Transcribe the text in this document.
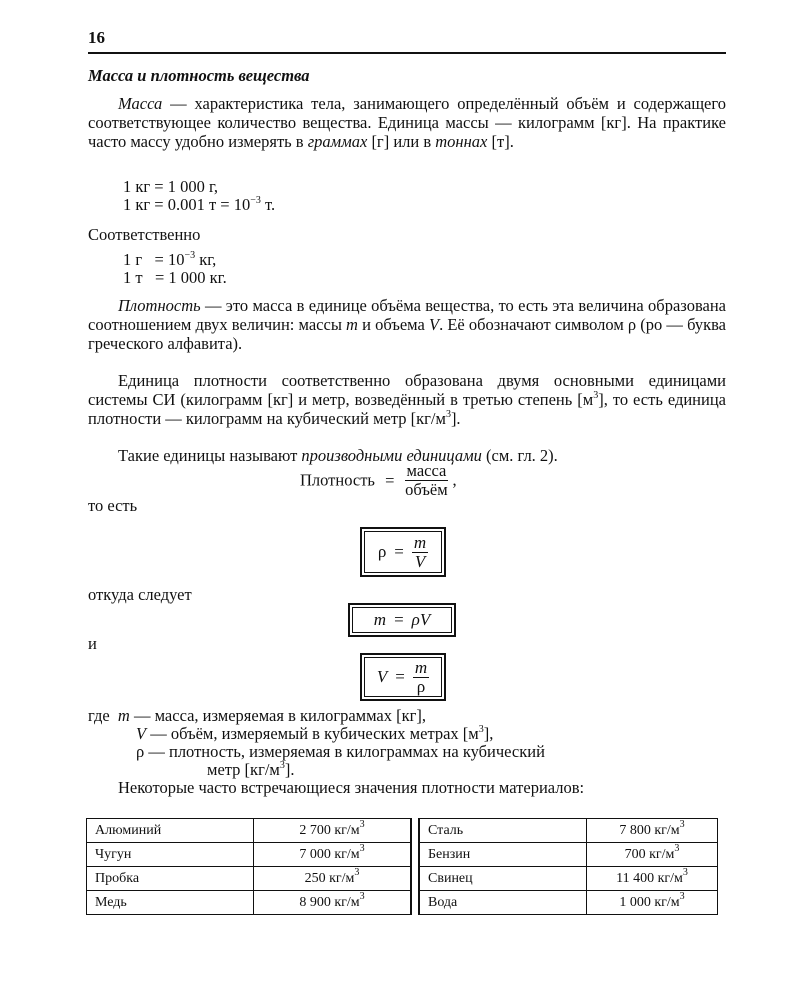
16
Масса и плотность вещества
Масса — характеристика тела, занимающего определённый объём и содержащего соответствующее количество вещества. Единица массы — килограмм [кг]. На практике часто массу удобно измерять в граммах [г] или в тоннах [т].
1 кг = 1 000 г,
1 кг = 0.001 $т = 10^{-3}$ т.
Соответственно
1 $г = 10^{-3}$ кг,
1 т   = 1 000 кг.
Плотность — это масса в единице объёма вещества, то есть эта величина образована соотношением двух величин: массы m и объема V. Её обозначают символом ρ (ро — буква греческого алфавита).
Единица плотности соответственно образована двумя основными единицами системы СИ (килограмм [кг] и метр, возведённый в третью степень $[м^3]$, то есть единица плотности — килограмм на кубический метр $[кг/м^3]$.
Такие единицы называют производными единицами (см. гл. 2).
Плотность = $\frac{\text{масса}}{\text{объём}}$ ,
то есть
$\rho = \frac{m}{V}$
откуда следует
m = ρV
и
$V = \frac{m}{\rho}$
где m — масса, измеряемая в килограммах [кг],
V — объём, измеряемый в кубических метрах $[м^3]$,
ρ — плотность, измеряемая в килограммах на кубический
метр $[кг/м^3]$.
Некоторые часто встречающиеся значения плотности материалов:
Алюминий	2 700 $кг/м^3$		Сталь	7 800 $кг/м^3$
Чугун	7 000 $кг/м^3$		Бензин	700 $кг/м^3$
Пробка	250 $кг/м^3$		Свинец	11 400 $кг/м^3$
Медь	8 900 $кг/м^3$		Вода	1 000 $кг/м^3$
